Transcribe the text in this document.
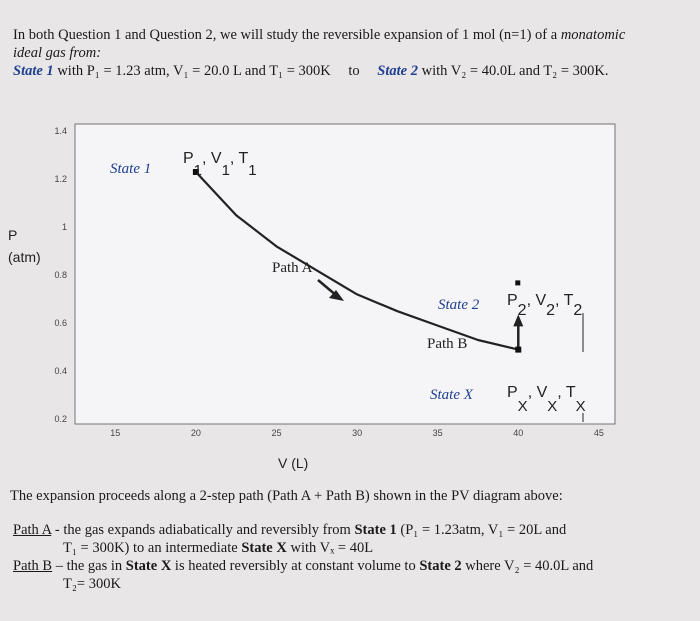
In both Question 1 and Question 2, we will study the reversible expansion of 1 mol (n=1) of a monatomic
ideal gas from:
State 1 with P₁ = 1.23 atm, V₁ = 20.0 L and T₁ = 300K to State 2 with V₂ = 40.0L and T₂ = 300K.
15	20	25	30	35	40	45
0.2
0.4
0.6
0.8
1
1.2
1.4
State 1
Path A
State 2
Path B
State X
P1, V1, T1
P2, V2, T2
PX, VX, TX
P (atm)
V (L)
The expansion proceeds along a 2-step path (Path A + Path B) shown in the PV diagram above:
Path A - the gas expands adiabatically and reversibly from State 1 (P₁ = 1.23atm, V₁ = 20L and
T₁ = 300K) to an intermediate State X with Vₓ = 40L
Path B – the gas in State X is heated reversibly at constant volume to State 2 where V₂ = 40.0L and
T₂= 300K
